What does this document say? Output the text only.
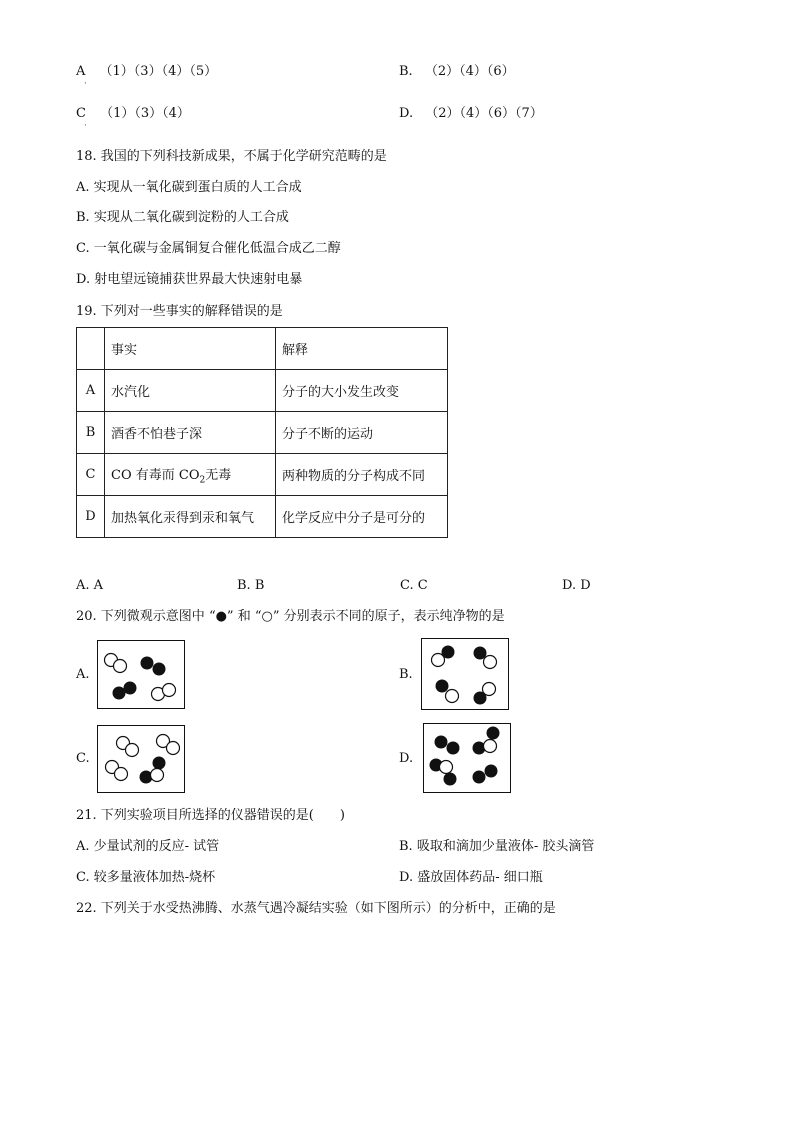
A （1）（3）（4）（5）
·
B. （2）（4）（6）
C （1）（3）（4）
·
D. （2）（4）（6）（7）
18. 我国的下列科技新成果，不属于化学研究范畴的是
A. 实现从一氧化碳到蛋白质的人工合成
B. 实现从二氧化碳到淀粉的人工合成
C. 一氧化碳与金属铜复合催化低温合成乙二醇
D. 射电望远镜捕获世界最大快速射电暴
19. 下列对一些事实的解释错误的是
	事实	解释
A	水汽化	分子的大小发生改变
B	酒香不怕巷子深	分子不断的运动
C	CO 有毒而 $CO_2$无毒	两种物质的分子构成不同
D	加热氧化汞得到汞和氧气	化学反应中分子是可分的
A. A	B. B	C. C	D. D
20. 下列微观示意图中 “●” 和 “○” 分别表示不同的原子，表示纯净物的是
A.	B.
C.	D.
21. 下列实验项目所选择的仪器错误的是(　　)
A. 少量试剂的反应- 试管	B. 吸取和滴加少量液体- 胶头滴管
C. 较多量液体加热-烧杯	D. 盛放固体药品- 细口瓶
22. 下列关于水受热沸腾、水蒸气遇冷凝结实验（如下图所示）的分析中，正确的是
